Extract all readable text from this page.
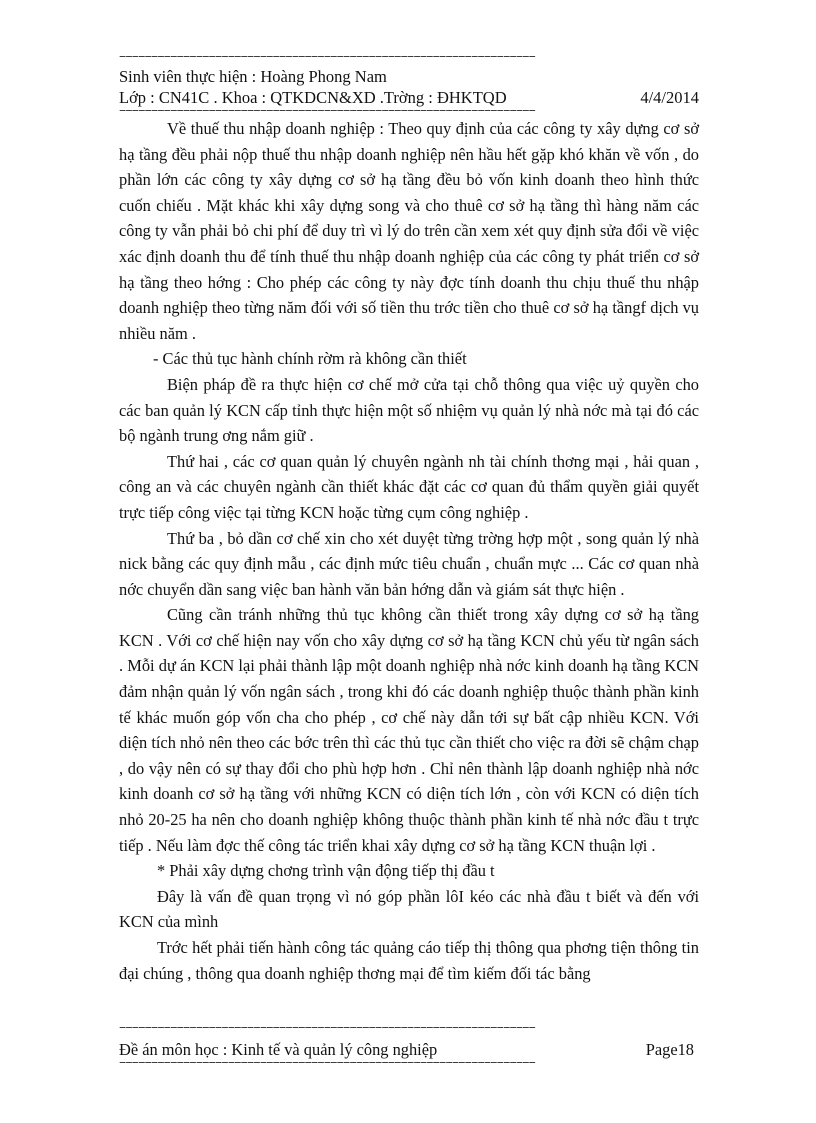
=================================================================
Sinh viên thực hiện : Hoàng Phong Nam
Lớp : CN41C . Khoa : QTKDCN&XD .Trờng : ĐHKTQD	4/4/2014
=================================================================

Về thuế thu nhập doanh nghiệp : Theo quy định của các công ty xây dựng cơ sở hạ tầng đều phải nộp thuế thu nhập doanh nghiệp nên hầu hết gặp khó khăn về vốn , do phần lớn các công ty xây dựng cơ sở hạ tầng đều bỏ vốn kinh doanh theo hình thức cuốn chiếu . Mặt khác khi xây dựng song và cho thuê cơ sở hạ tầng thì hàng năm các công ty vẫn phải bỏ chi phí để duy trì vì lý do trên cần xem xét quy định sửa đổi về việc xác định doanh thu để tính thuế thu nhập doanh nghiệp của các công ty phát triển cơ sở hạ tầng theo hớng : Cho phép các công ty này đợc tính doanh thu chịu thuế thu nhập doanh nghiệp theo từng năm đối với số tiền thu trớc tiền cho thuê cơ sở hạ tầngf dịch vụ nhiều năm .

- Các thủ tục hành chính rờm rà không cần thiết

Biện pháp đề ra thực hiện cơ chế mở cửa tại chỗ thông qua việc uỷ quyền cho các ban quản lý KCN cấp tỉnh thực hiện một số nhiệm vụ quản lý nhà nớc mà tại đó các bộ ngành trung ơng nắm giữ .

Thứ hai , các cơ quan quản lý chuyên ngành nh tài chính thơng mại , hải quan , công an và các chuyên ngành cần thiết khác đặt các cơ quan đủ thẩm quyền giải quyết trực tiếp công việc tại từng KCN hoặc từng cụm công nghiệp .

Thứ ba , bỏ dần cơ chế xin cho xét duyệt từng trờng hợp một , song quản lý nhà nick bằng các quy định mẫu , các định mức tiêu chuẩn , chuẩn mực ... Các cơ quan nhà nớc chuyển dần sang việc ban hành văn bản hớng dẫn và giám sát thực hiện .

Cũng cần tránh những thủ tục không cần thiết trong xây dựng cơ sở hạ tầng KCN . Với cơ chế hiện nay vốn cho xây dựng cơ sở hạ tầng KCN chủ yếu từ ngân sách . Mỗi dự án KCN lại phải thành lập một doanh nghiệp nhà nớc kinh doanh hạ tầng KCN đảm nhận quản lý vốn ngân sách , trong khi đó các doanh nghiệp thuộc thành phần kinh tế khác muốn góp vốn cha cho phép , cơ chế này dẫn tới sự bất cập nhiều KCN. Với diện tích nhỏ nên theo các bớc trên thì các thủ tục cần thiết cho việc ra đời sẽ chậm chạp , do vậy nên có sự thay đổi cho phù hợp hơn . Chỉ nên thành lập doanh nghiệp nhà nớc kinh doanh cơ sở hạ tầng với những KCN có diện tích lớn , còn với KCN có diện tích nhỏ 20-25 ha nên cho doanh nghiệp không thuộc thành phần kinh tế nhà nớc đầu t trực tiếp . Nếu làm đợc thế công tác triển khai xây dựng cơ sở hạ tầng KCN thuận lợi .

* Phải xây dựng chơng trình vận động tiếp thị đầu t

Đây là vấn đề quan trọng vì nó góp phần lôI kéo các nhà đầu t biết và đến với KCN của mình

Trớc hết phải tiến hành công tác quảng cáo tiếp thị thông qua phơng tiện thông tin đại chúng , thông qua doanh nghiệp thơng mại để tìm kiếm đối tác bằng

=================================================================
Đề án môn học : Kinh tế và quản lý công nghiệp	Page18
=================================================================
